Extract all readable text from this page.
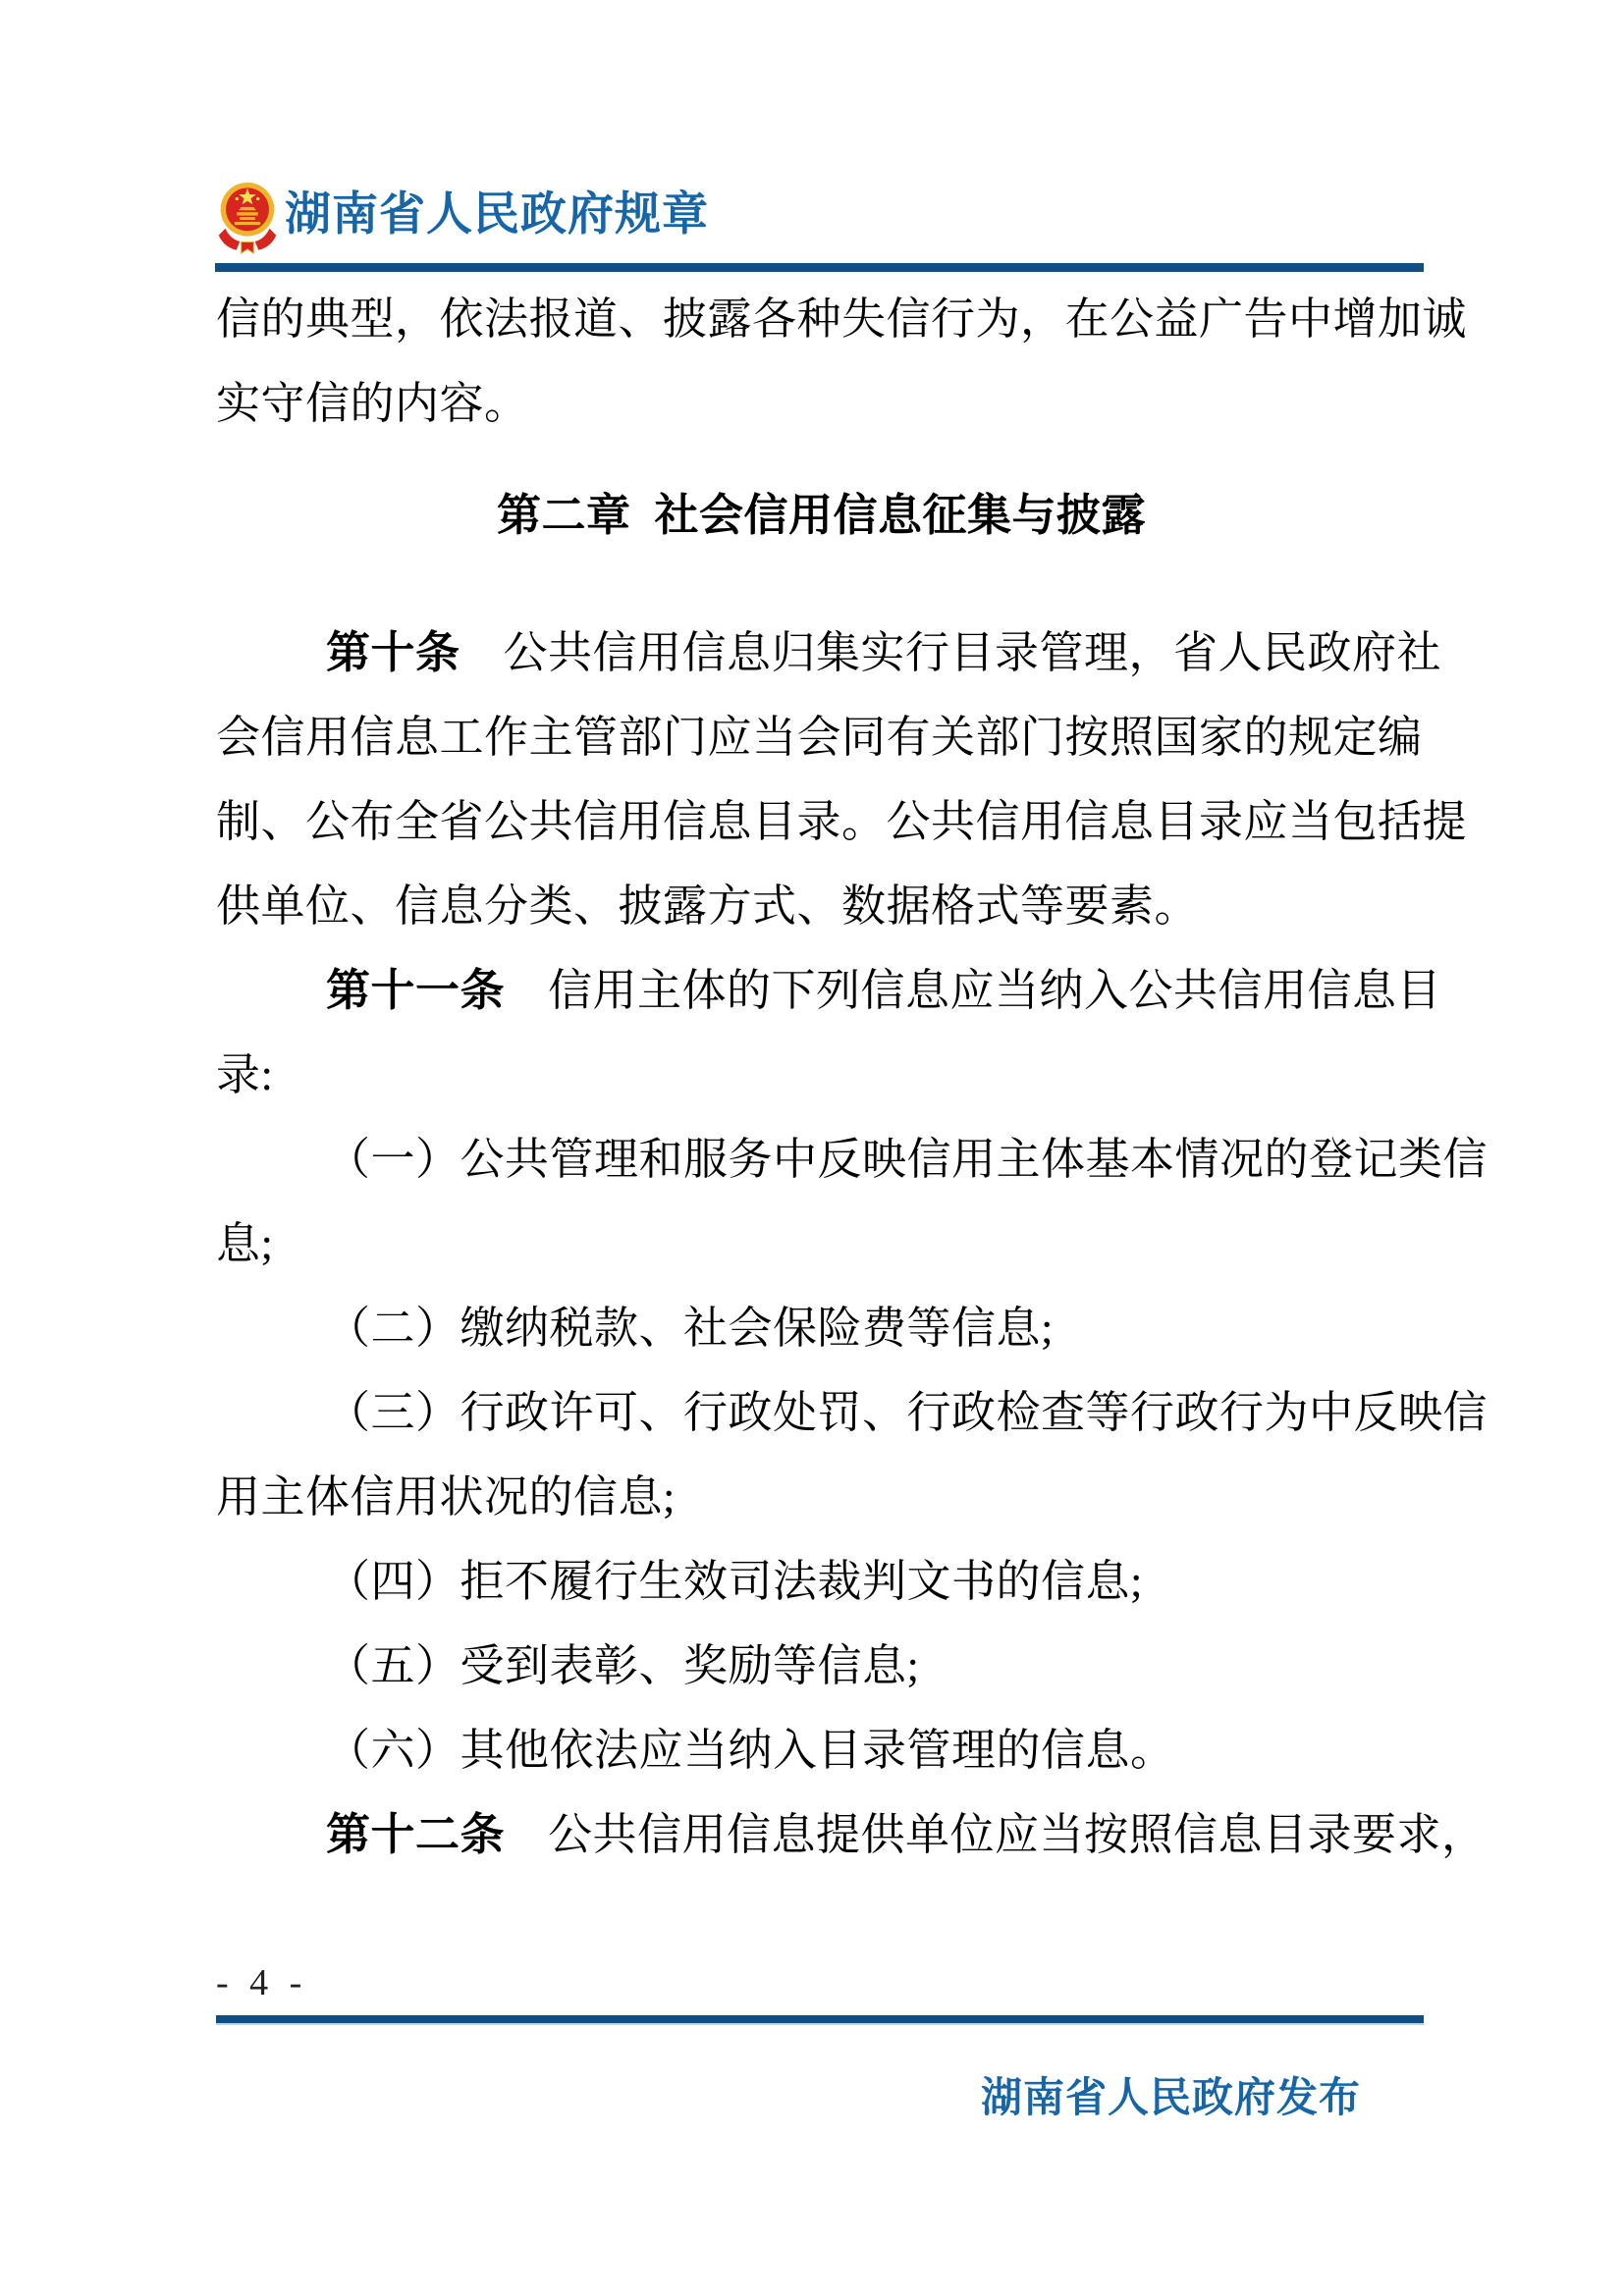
湖南省人民政府规章
信的典型，依法报道、披露各种失信行为，在公益广告中增加诚
实守信的内容。
第二章 社会信用信息征集与披露
第十条 公共信用信息归集实行目录管理，省人民政府社
会信用信息工作主管部门应当会同有关部门按照国家的规定编
制、公布全省公共信用信息目录。公共信用信息目录应当包括提
供单位、信息分类、披露方式、数据格式等要素。
第十一条 信用主体的下列信息应当纳入公共信用信息目
录:
（一）公共管理和服务中反映信用主体基本情况的登记类信
息;
（二）缴纳税款、社会保险费等信息;
（三）行政许可、行政处罚、行政检查等行政行为中反映信
用主体信用状况的信息;
（四）拒不履行生效司法裁判文书的信息;
（五）受到表彰、奖励等信息;
（六）其他依法应当纳入目录管理的信息。
第十二条 公共信用信息提供单位应当按照信息目录要求，
- 4 -
湖南省人民政府发布
